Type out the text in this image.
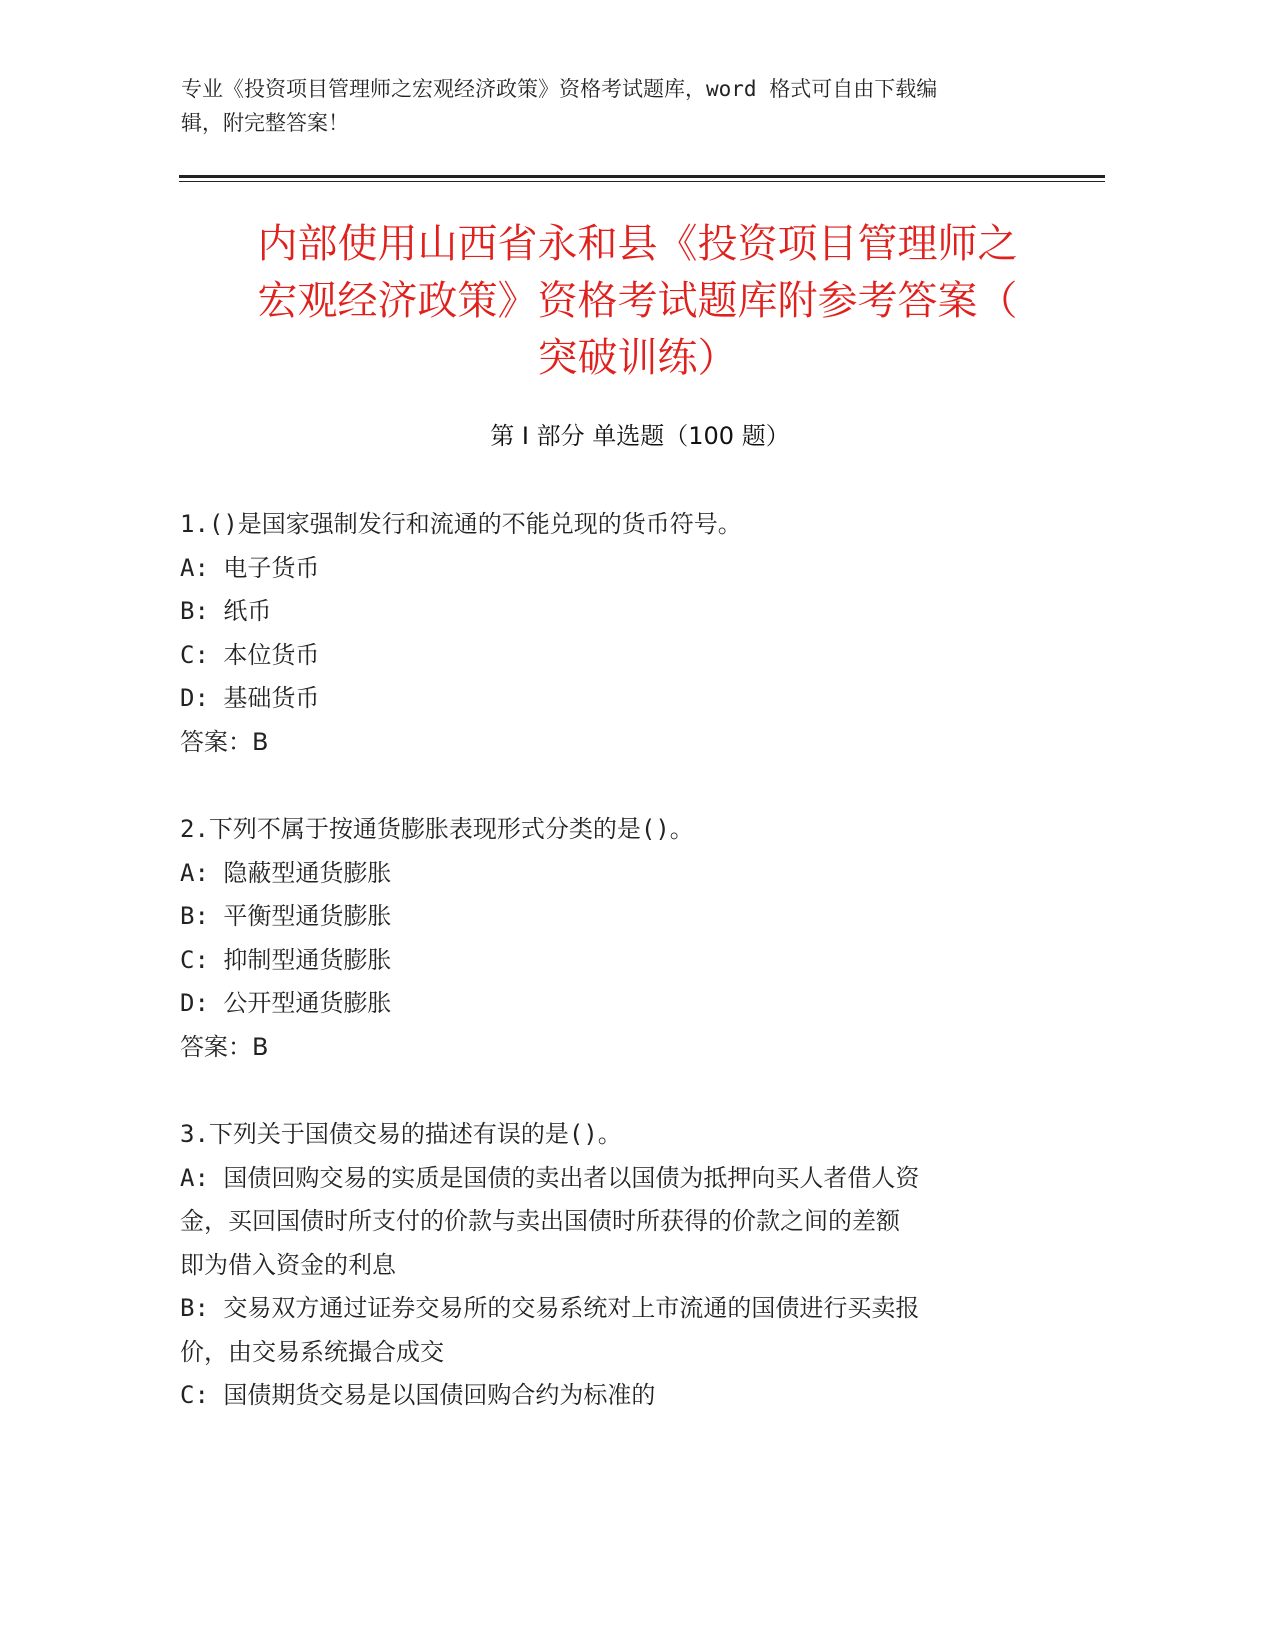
专业《投资项目管理师之宏观经济政策》资格考试题库，word 格式可自由下载编
辑，附完整答案！
内部使用山西省永和县《投资项目管理师之
宏观经济政策》资格考试题库附参考答案（
突破训练）
第 I 部分 单选题（100 题）
1.()是国家强制发行和流通的不能兑现的货币符号。
A: 电子货币
B: 纸币
C: 本位货币
D: 基础货币
答案：B
2.下列不属于按通货膨胀表现形式分类的是()。
A: 隐蔽型通货膨胀
B: 平衡型通货膨胀
C: 抑制型通货膨胀
D: 公开型通货膨胀
答案：B
3.下列关于国债交易的描述有误的是()。
A: 国债回购交易的实质是国债的卖出者以国债为抵押向买人者借人资
金，买回国债时所支付的价款与卖出国债时所获得的价款之间的差额
即为借入资金的利息
B: 交易双方通过证券交易所的交易系统对上市流通的国债进行买卖报
价，由交易系统撮合成交
C: 国债期货交易是以国债回购合约为标准的
